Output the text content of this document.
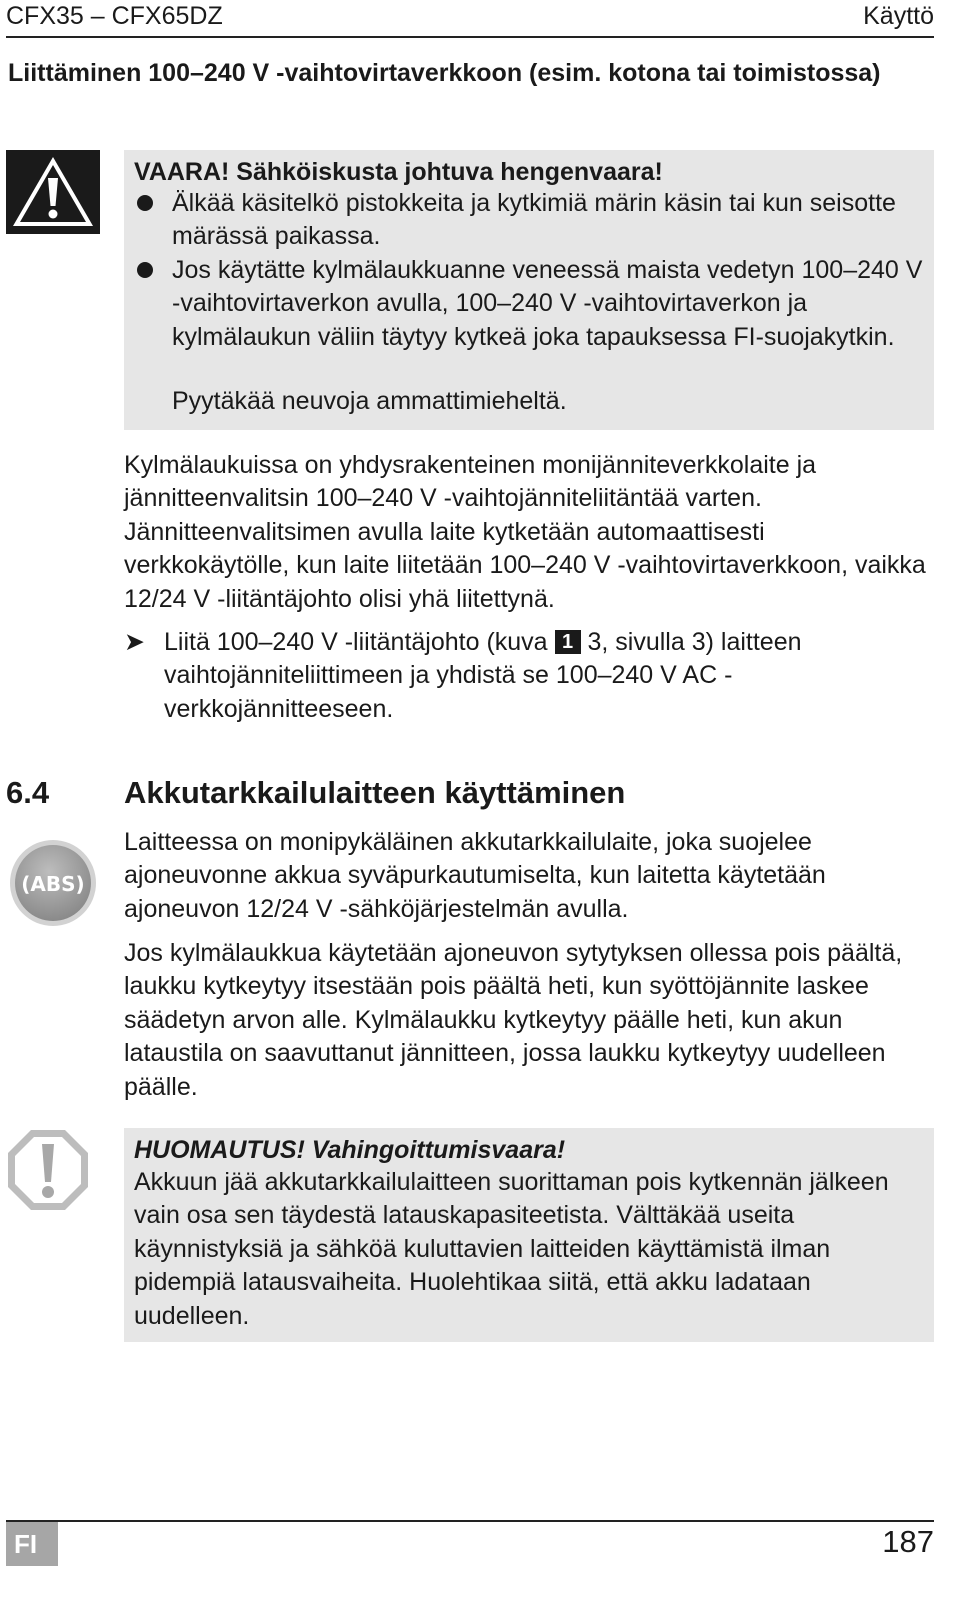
CFX35 – CFX65DZ	Käyttö
Liittäminen 100–240 V -vaihtovirtaverkkoon (esim. kotona tai toimistossa)
VAARA! Sähköiskusta johtuva hengenvaara!
Älkää käsitelkö pistokkeita ja kytkimiä märin käsin tai kun seisotte märässä paikassa.
Jos käytätte kylmälaukkuanne veneessä maista vedetyn 100–240 V -vaihtovirtaverkon avulla, 100–240 V -vaihtovirtaverkon ja kylmälaukun väliin täytyy kytkeä joka tapauksessa FI-suojakytkin.
Pyytäkää neuvoja ammattimieheltä.

Kylmälaukuissa on yhdysrakenteinen monijänniteverkkolaite ja jännitteenvalitsin 100–240 V -vaihtojänniteliitäntää varten. Jännitteenvalitsimen avulla laite kytketään automaattisesti verkkokäytölle, kun laite liitetään 100–240 V -vaihtovirtaverkkoon, vaikka 12/24 V -liitäntäjohto olisi yhä liitettynä.

➤ Liitä 100–240 V -liitäntäjohto (kuva 1 3, sivulla 3) laitteen vaihtojänniteliittimeen ja yhdistä se 100–240 V AC -verkkojännitteeseen.
6.4 Akkutarkkailulaitteen käyttäminen
(ABS)

Laitteessa on monipykäläinen akkutarkkailulaite, joka suojelee ajoneuvonne akkua syväpurkautumiselta, kun laitetta käytetään ajoneuvon 12/24 V -sähköjärjestelmän avulla.

Jos kylmälaukkua käytetään ajoneuvon sytytyksen ollessa pois päältä, laukku kytkeytyy itsestään pois päältä heti, kun syöttöjännite laskee säädetyn arvon alle. Kylmälaukku kytkeytyy päälle heti, kun akun lataustila on saavuttanut jännitteen, jossa laukku kytkeytyy uudelleen päälle.

HUOMAUTUS! Vahingoittumisvaara!

Akkuun jää akkutarkkailulaitteen suorittaman pois kytkennän jälkeen vain osa sen täydestä latauskapasiteetista. Välttäkää useita käynnistyksiä ja sähköä kuluttavien laitteiden käyttämistä ilman pidempiä latausvaiheita. Huolehtikaa siitä, että akku ladataan uudelleen.

FI	187
